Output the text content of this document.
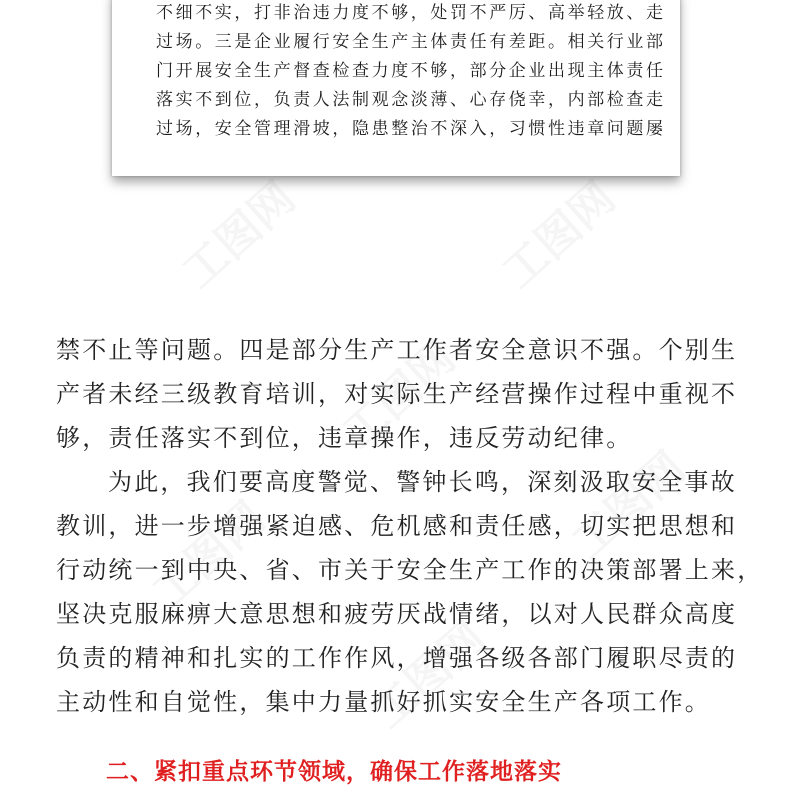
工图网	工图网
工图网
工图网
工图网
工图网
不细不实，打非治违力度不够，处罚不严厉、高举轻放、走
过场。三是企业履行安全生产主体责任有差距。相关行业部
门开展安全生产督查检查力度不够，部分企业出现主体责任
落实不到位，负责人法制观念淡薄、心存侥幸，内部检查走
过场，安全管理滑坡，隐患整治不深入，习惯性违章问题屡
禁不止等问题。四是部分生产工作者安全意识不强。个别生
产者未经三级教育培训，对实际生产经营操作过程中重视不
够，责任落实不到位，违章操作，违反劳动纪律。
为此，我们要高度警觉、警钟长鸣，深刻汲取安全事故
教训，进一步增强紧迫感、危机感和责任感，切实把思想和
行动统一到中央、省、市关于安全生产工作的决策部署上来，
坚决克服麻痹大意思想和疲劳厌战情绪，以对人民群众高度
负责的精神和扎实的工作作风，增强各级各部门履职尽责的
主动性和自觉性，集中力量抓好抓实安全生产各项工作。
二、紧扣重点环节领域，确保工作落地落实
